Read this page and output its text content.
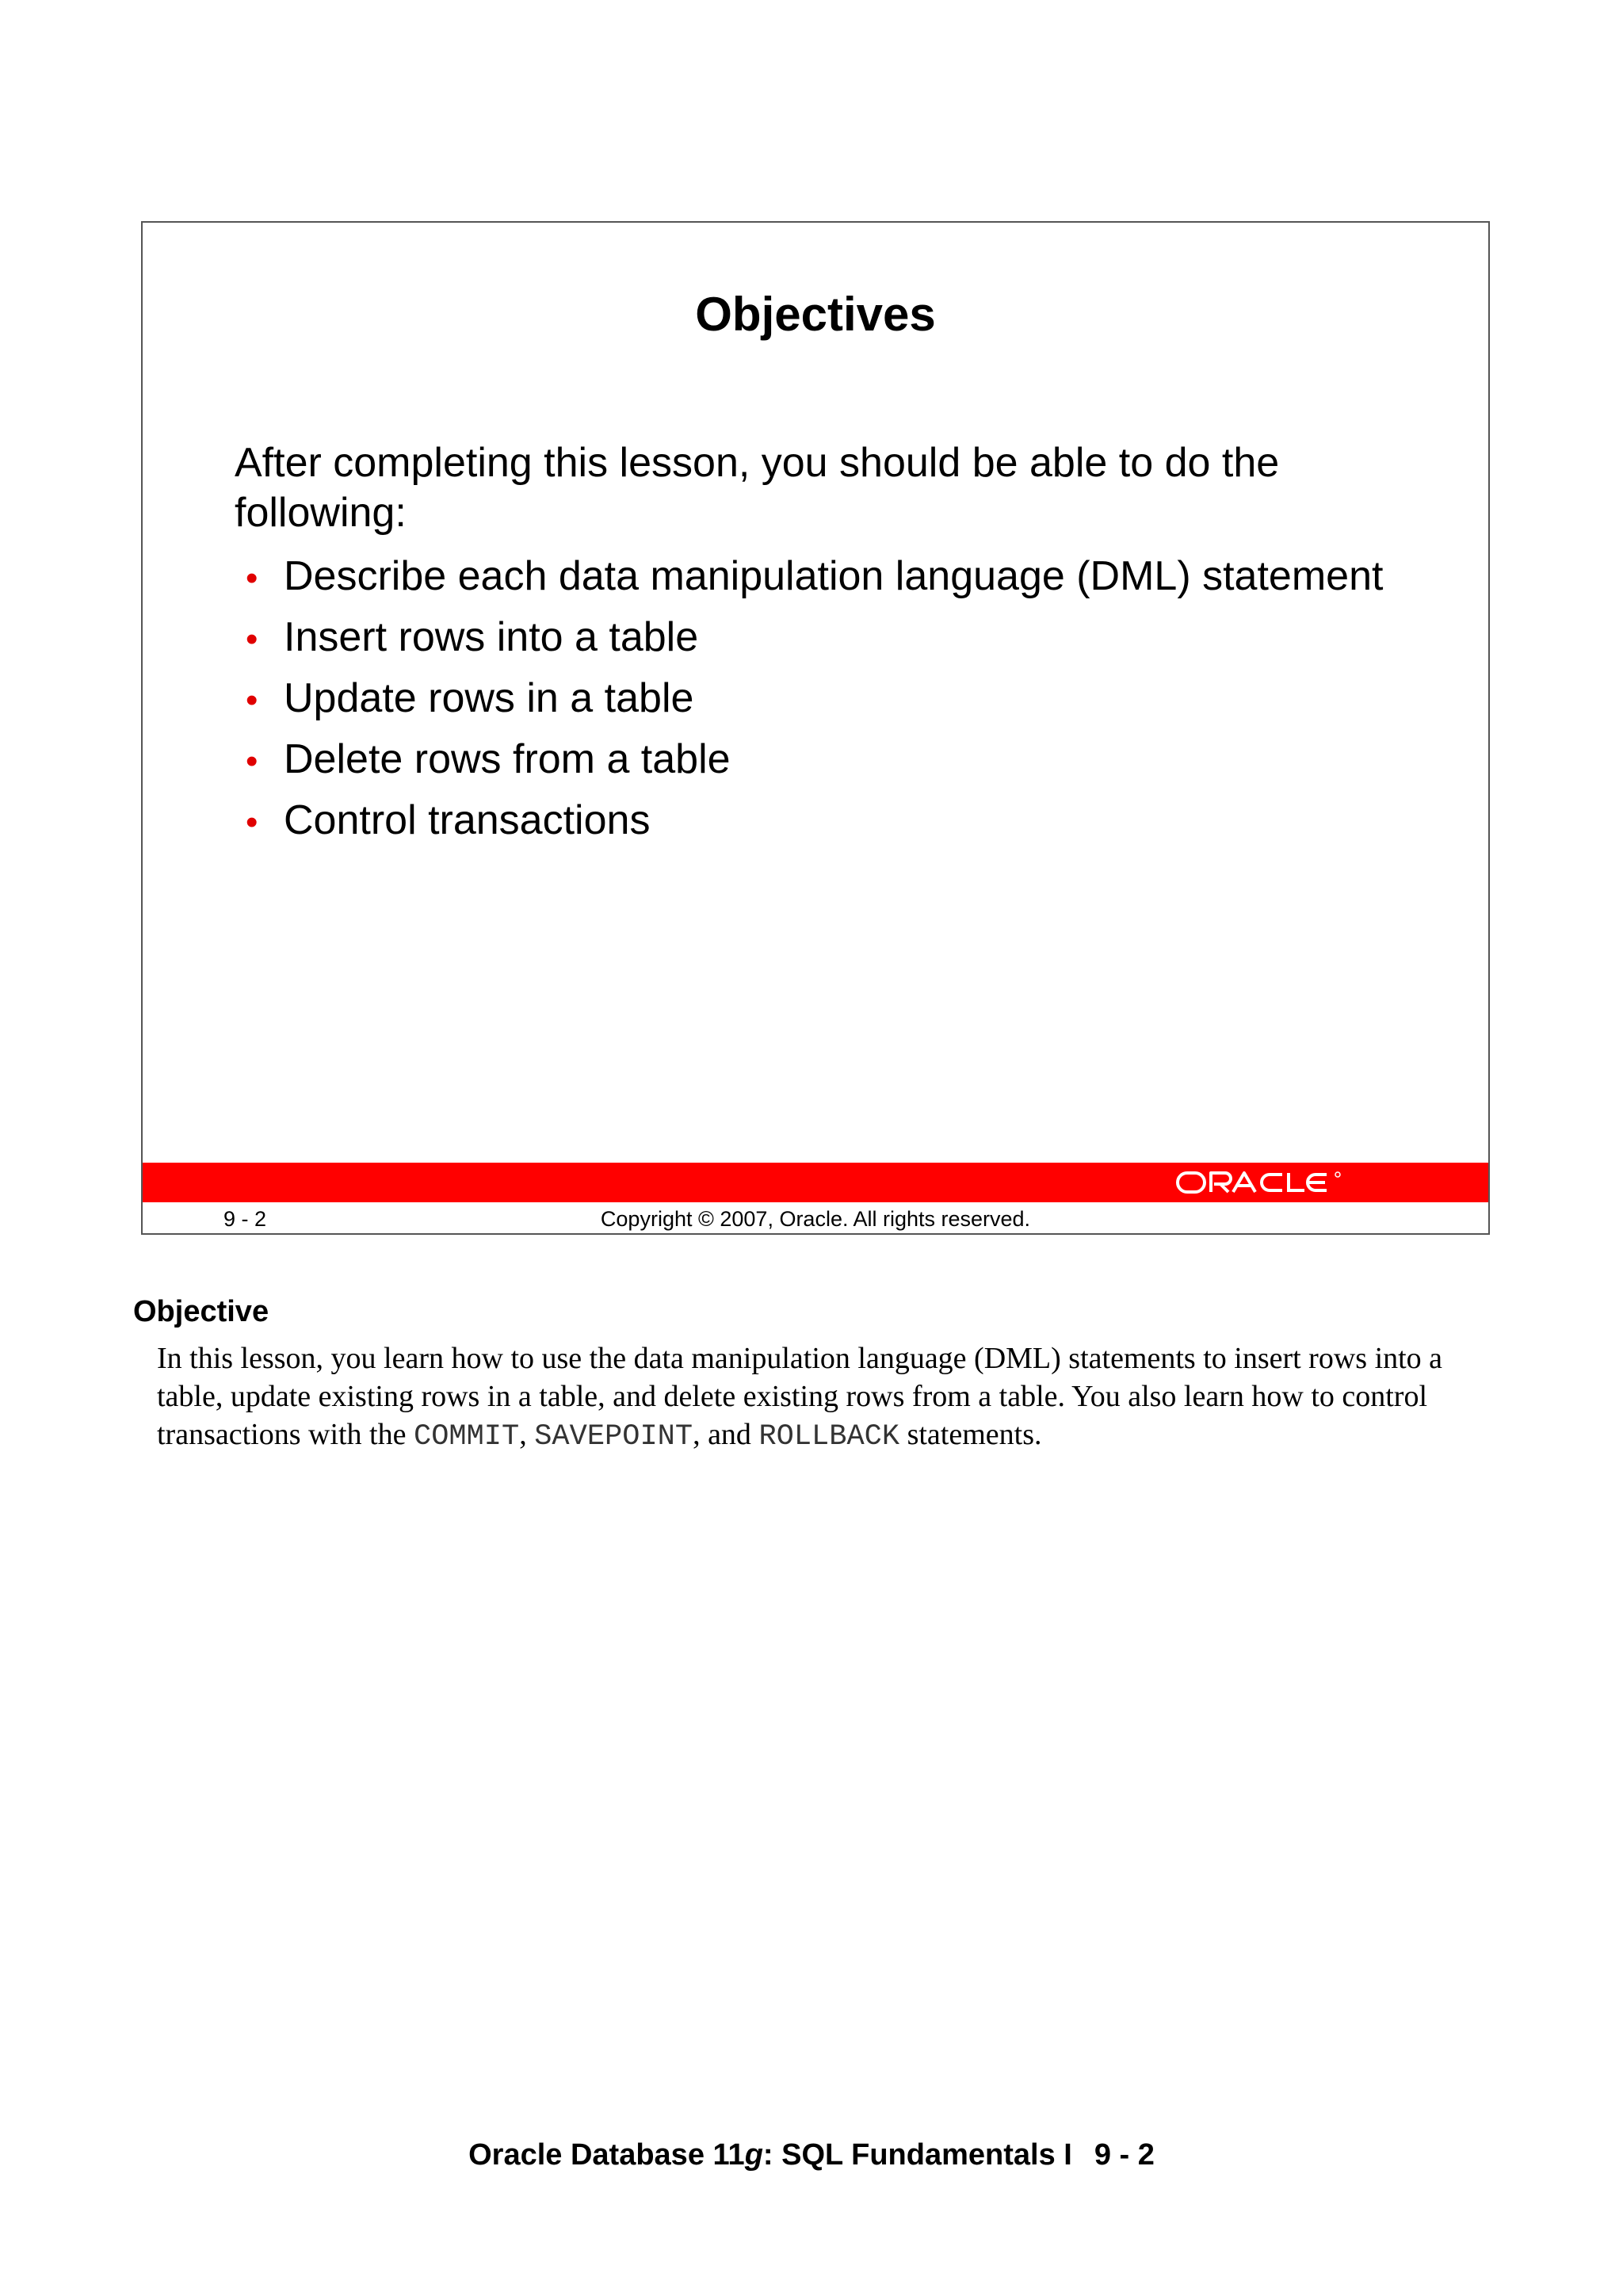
Objectives
After completing this lesson, you should be able to do the following:
• Describe each data manipulation language (DML) statement
• Insert rows into a table
• Update rows in a table
• Delete rows from a table
• Control transactions
9 - 2	Copyright © 2007, Oracle. All rights reserved.
Objective
In this lesson, you learn how to use the data manipulation language (DML) statements to insert rows into a table, update existing rows in a table, and delete existing rows from a table. You also learn how to control transactions with the COMMIT, SAVEPOINT, and ROLLBACK statements.
Oracle Database 11g: SQL Fundamentals I 9 - 2
